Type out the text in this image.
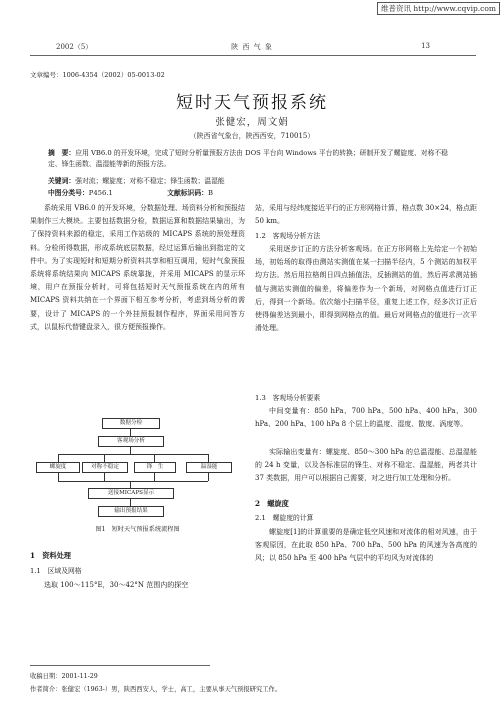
维普资讯 http://www.cqvip.com
2002（5）	陕 西 气 象	13
文章编号：1006-4354（2002）05-0013-02
短时天气预报系统
张健宏，周文娟
（陕西省气象台，陕西西安，710015）
摘　要：应用 VB6.0 的开发环境，完成了短时分析量预报方法由 DOS 平台向 Windows 平台的转换；研制开发了螺旋度、对称不稳定、锋生函数、温湿能等新的预报方法。
关键词：强对流；螺旋度；对称不稳定；锋生函数；温湿能
中图分类号：P456.1	文献标识码：B
系统采用 VB6.0 的开发环境，分数据处理、场资料分析和预报结果制作三大模块。主要包括数据分检，数据运算和数据结果输出，为了保持资料来源的稳定，采用工作站级的 MICAPS 系统的预处理资料。分检所得数据，形成系统底层数据，经过运算后输出到指定的文件中。为了实现短时和短期分析资料共享和相互调用，短时气象预报系统将系统结果向 MICAPS 系统靠拢，并采用 MICAPS 的显示环境，用户在预报分析时，可将包括短时天气预报系统在内的所有 MICAPS 资料共纳在一个界面下相互参考分析，考虑到场分析的需要，设计了 MICAPS 的一个外挂预报制作程序，界面采用问答方式，以鼠标代替键盘录入，很方便预报操作。
数据分检
客观场分析
螺旋度	对称不稳定	锋　生	温湿能
送接MICAPS显示
输出预报结果
图1　短时天气预报系统流程图
1　资料处理
1.1　区域及网格
选取 100～115°E，30～42°N 范围内的探空
站，采用与经纬度接近平行的正方形网格计算，格点数 30×24，格点距 50 km。
1.2　客观场分析方法
采用逐步订正的方法分析客观场。在正方形网格上先给定一个初始场，初始场的取得由测站实测值在某一扫描半径内，5 个测站的加权平均方法。然后用拉格朗日四点插值法，反插测站的值，然后再求测站插值与测站实测值的偏差，将偏差作为一个新场，对网格点值进行订正后，得到一个新场。依次缩小扫描半径，重复上述工作，经多次订正后使得偏差达到最小，即得到网格点的值。最后对网格点的值进行一次平滑处理。
1.3　客观场分析要素
中间变量有：850 hPa、700 hPa、500 hPa、400 hPa、300 hPa、200 hPa、100 hPa 8 个层上的温度、湿度、散度、涡度等。
实际输出变量有：螺旋度、850～300 hPa 的总温湿能、总温湿能的 24 h 变量，以及各标准层的锋生、对称不稳定、温湿能，两者共计 37 类数据，用户可以根据自己需要，对之进行加工处理和分析。
2　螺旋度
2.1　螺旋度的计算
螺旋度[1]的计算重要的是确定低空风速和对流体的相对风速，由于客观原因，在此取 850 hPa、700 hPa、500 hPa 的风速为各高度的风；以 850 hPa 至 400 hPa 气层中的平均风为对流体的
收稿日期：2001-11-29
作者简介：张健宏（1963-）男，陕西西安人，学士，高工，主要从事天气预报研究工作。
